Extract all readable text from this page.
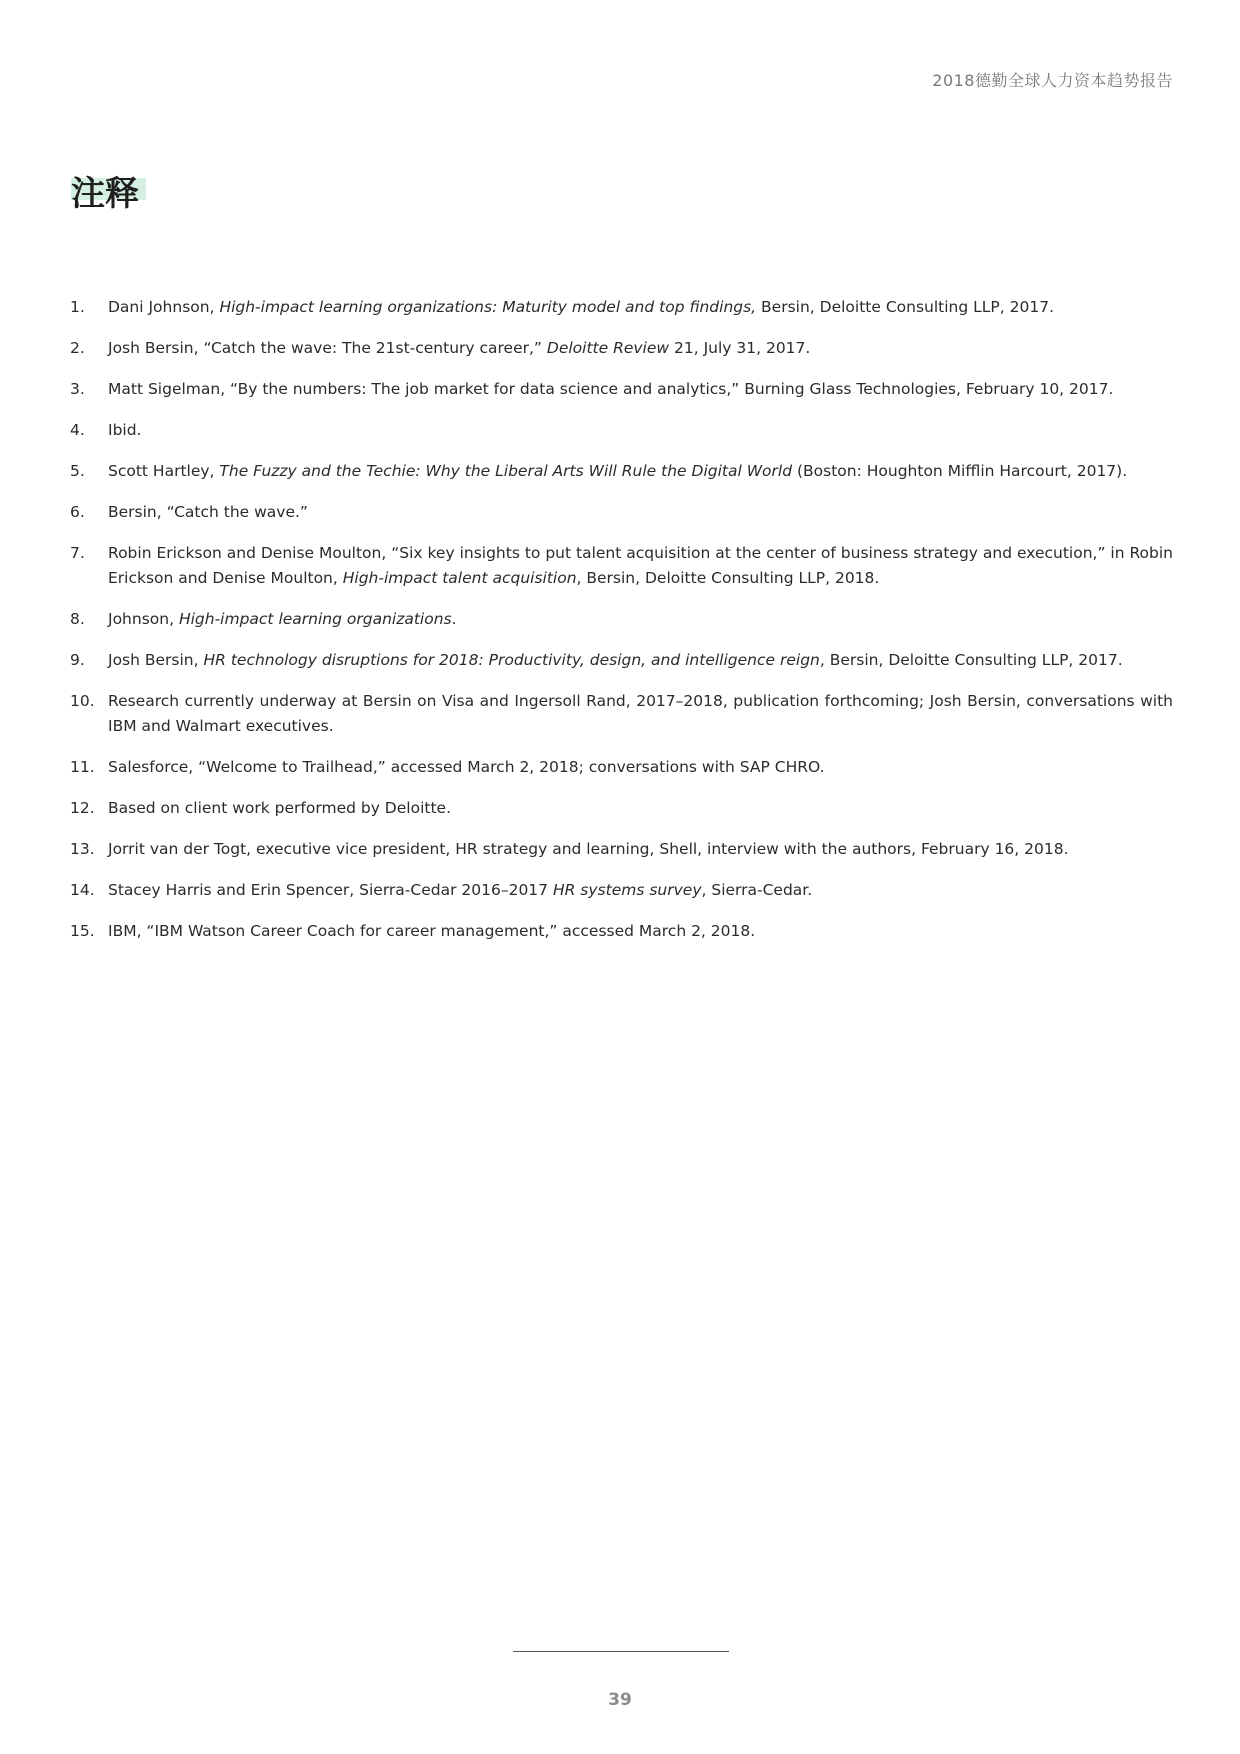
2018德勤全球人力资本趋势报告
注释
1. Dani Johnson, High-impact learning organizations: Maturity model and top findings, Bersin, Deloitte Consulting LLP, 2017.
2. Josh Bersin, “Catch the wave: The 21st-century career,” Deloitte Review 21, July 31, 2017.
3. Matt Sigelman, “By the numbers: The job market for data science and analytics,” Burning Glass Technologies, February 10, 2017.
4. Ibid.
5. Scott Hartley, The Fuzzy and the Techie: Why the Liberal Arts Will Rule the Digital World (Boston: Houghton Mifflin Harcourt, 2017).
6. Bersin, “Catch the wave.”
7. Robin Erickson and Denise Moulton, “Six key insights to put talent acquisition at the center of business strategy and execution,” in Robin Erickson and Denise Moulton, High-impact talent acquisition, Bersin, Deloitte Consulting LLP, 2018.
8. Johnson, High-impact learning organizations.
9. Josh Bersin, HR technology disruptions for 2018: Productivity, design, and intelligence reign, Bersin, Deloitte Consulting LLP, 2017.
10. Research currently underway at Bersin on Visa and Ingersoll Rand, 2017–2018, publication forthcoming; Josh Bersin, conversations with IBM and Walmart executives.
11. Salesforce, “Welcome to Trailhead,” accessed March 2, 2018; conversations with SAP CHRO.
12. Based on client work performed by Deloitte.
13. Jorrit van der Togt, executive vice president, HR strategy and learning, Shell, interview with the authors, February 16, 2018.
14. Stacey Harris and Erin Spencer, Sierra-Cedar 2016–2017 HR systems survey, Sierra-Cedar.
15. IBM, “IBM Watson Career Coach for career management,” accessed March 2, 2018.
39
